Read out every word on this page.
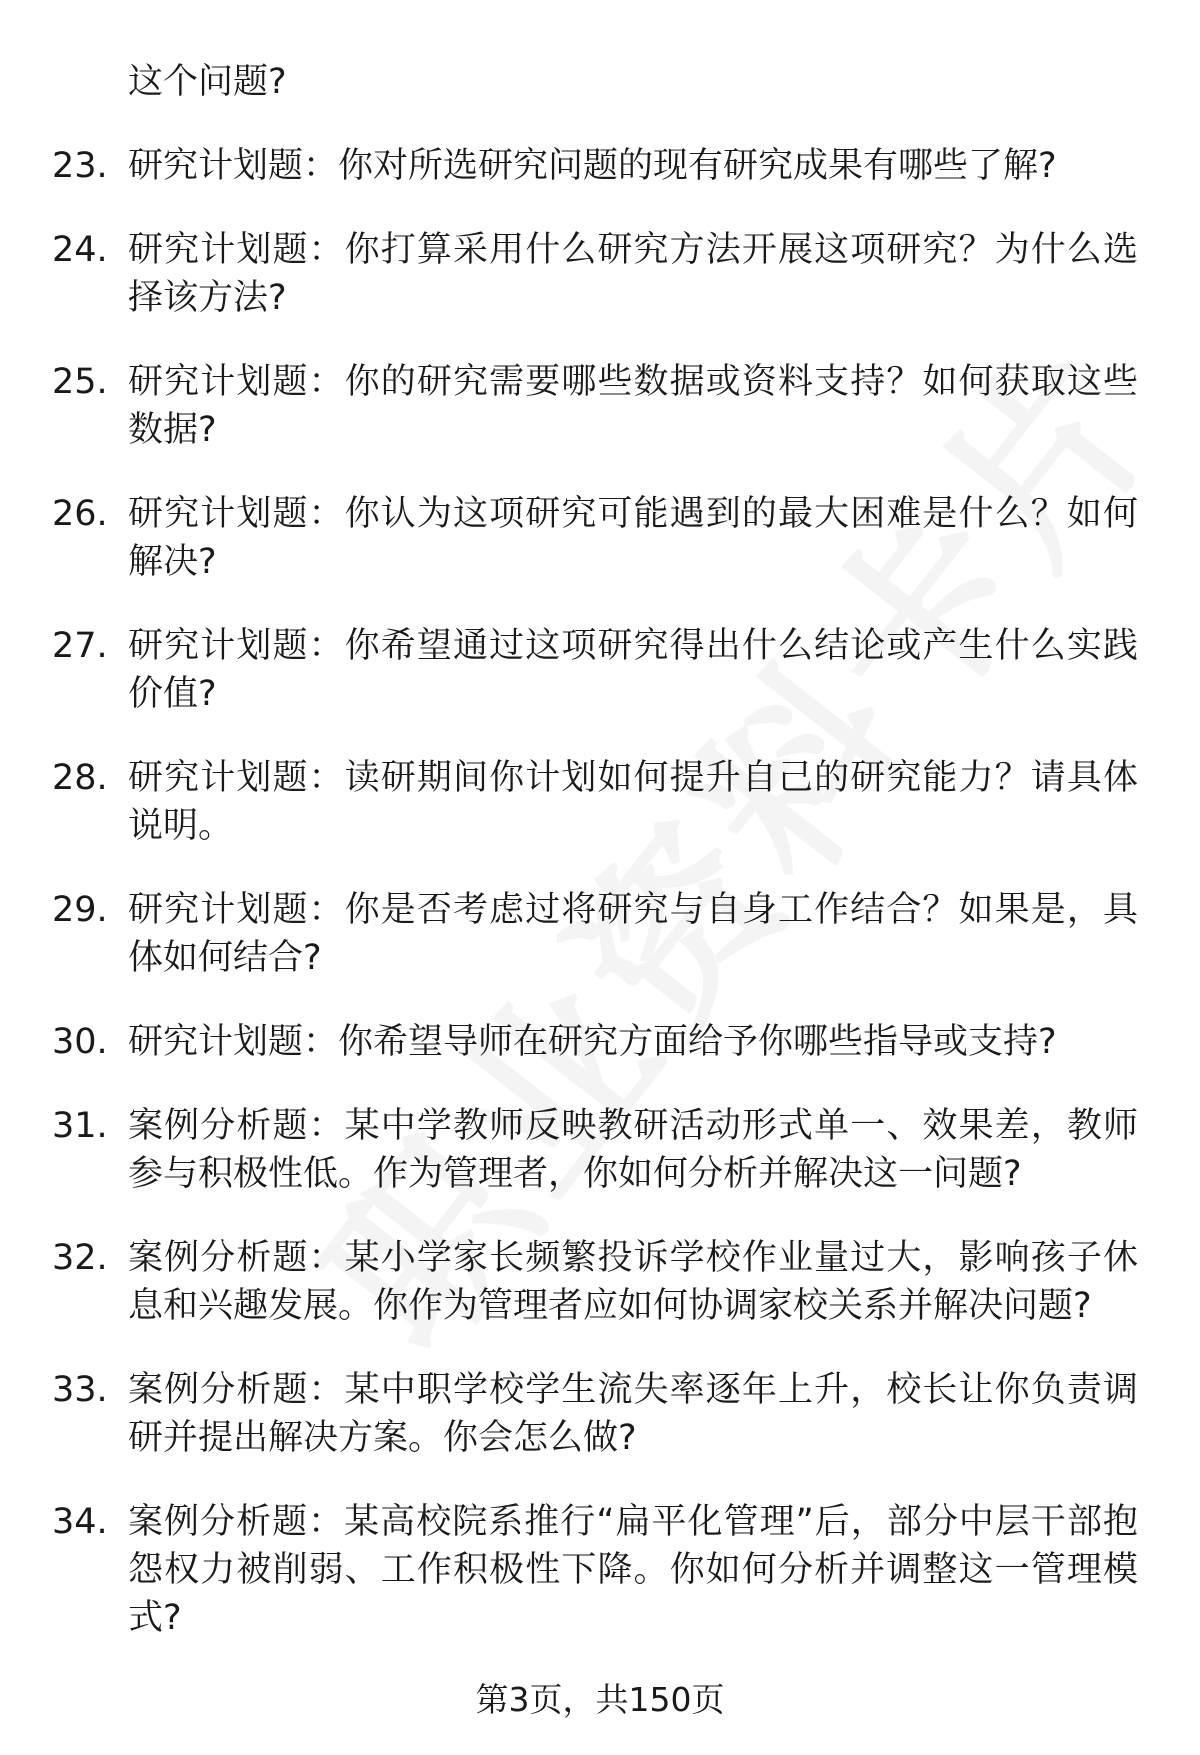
这个问题?
23. 研究计划题：你对所选研究问题的现有研究成果有哪些了解?
24. 研究计划题：你打算采用什么研究方法开展这项研究？为什么选择该方法?
25. 研究计划题：你的研究需要哪些数据或资料支持？如何获取这些数据?
26. 研究计划题：你认为这项研究可能遇到的最大困难是什么？如何解决?
27. 研究计划题：你希望通过这项研究得出什么结论或产生什么实践价值?
28. 研究计划题：读研期间你计划如何提升自己的研究能力？请具体说明。
29. 研究计划题：你是否考虑过将研究与自身工作结合？如果是，具体如何结合?
30. 研究计划题：你希望导师在研究方面给予你哪些指导或支持?
31. 案例分析题：某中学教师反映教研活动形式单一、效果差，教师参与积极性低。作为管理者，你如何分析并解决这一问题?
32. 案例分析题：某小学家长频繁投诉学校作业量过大，影响孩子休息和兴趣发展。你作为管理者应如何协调家校关系并解决问题?
33. 案例分析题：某中职学校学生流失率逐年上升，校长让你负责调研并提出解决方案。你会怎么做?
34. 案例分析题：某高校院系推行“扁平化管理”后，部分中层干部抱怨权力被削弱、工作积极性下降。你如何分析并调整这一管理模式?
第3页，共150页
